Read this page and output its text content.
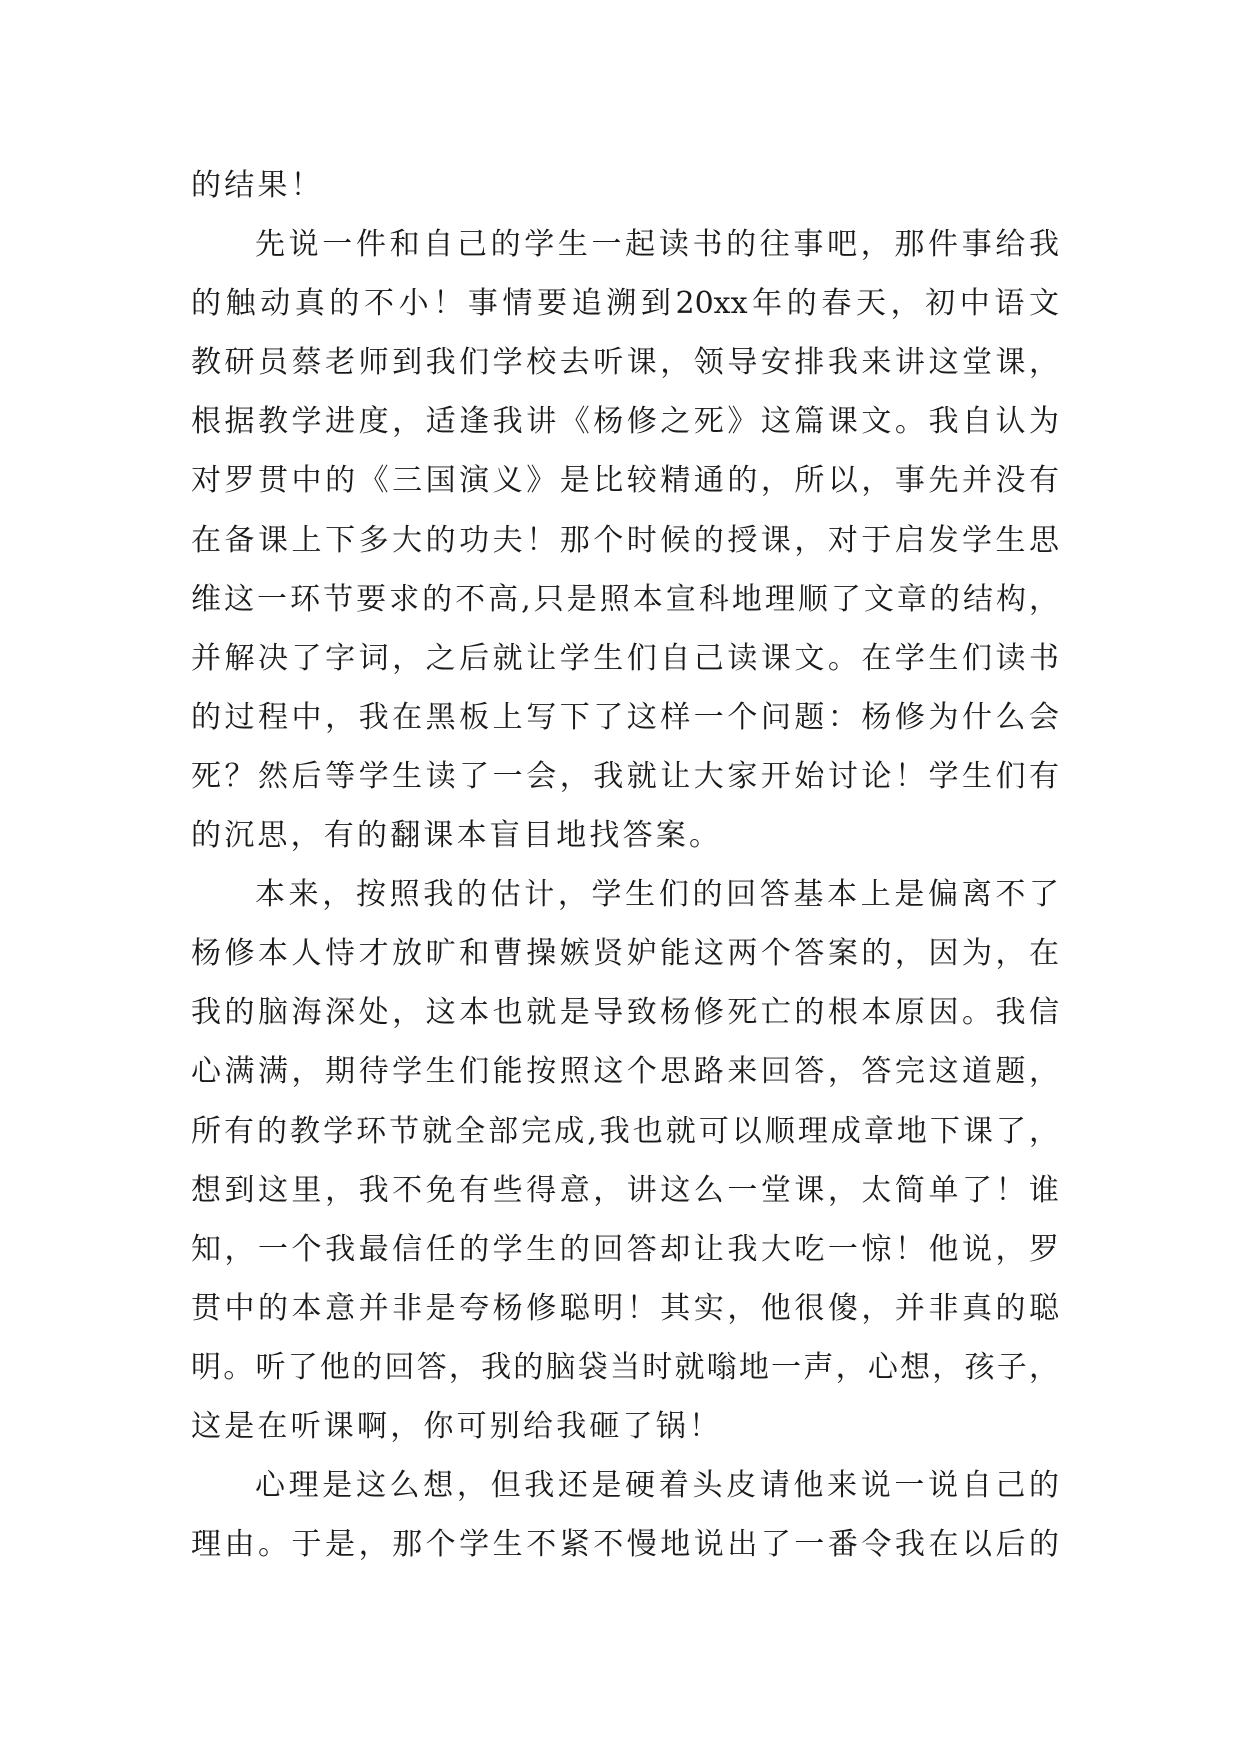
的结果！
先说一件和自己的学生一起读书的往事吧，那件事给我
的触动真的不小！事情要追溯到20xx年的春天，初中语文
教研员蔡老师到我们学校去听课，领导安排我来讲这堂课，
根据教学进度，适逢我讲《杨修之死》这篇课文。我自认为
对罗贯中的《三国演义》是比较精通的，所以，事先并没有
在备课上下多大的功夫！那个时候的授课，对于启发学生思
维这一环节要求的不高,只是照本宣科地理顺了文章的结构，
并解决了字词，之后就让学生们自己读课文。在学生们读书
的过程中，我在黑板上写下了这样一个问题：杨修为什么会
死？然后等学生读了一会，我就让大家开始讨论！学生们有
的沉思，有的翻课本盲目地找答案。
本来，按照我的估计，学生们的回答基本上是偏离不了
杨修本人恃才放旷和曹操嫉贤妒能这两个答案的，因为，在
我的脑海深处，这本也就是导致杨修死亡的根本原因。我信
心满满，期待学生们能按照这个思路来回答，答完这道题，
所有的教学环节就全部完成,我也就可以顺理成章地下课了，
想到这里，我不免有些得意，讲这么一堂课，太简单了！谁
知，一个我最信任的学生的回答却让我大吃一惊！他说，罗
贯中的本意并非是夸杨修聪明！其实，他很傻，并非真的聪
明。听了他的回答，我的脑袋当时就嗡地一声，心想，孩子，
这是在听课啊，你可别给我砸了锅！
心理是这么想，但我还是硬着头皮请他来说一说自己的
理由。于是，那个学生不紧不慢地说出了一番令我在以后的
